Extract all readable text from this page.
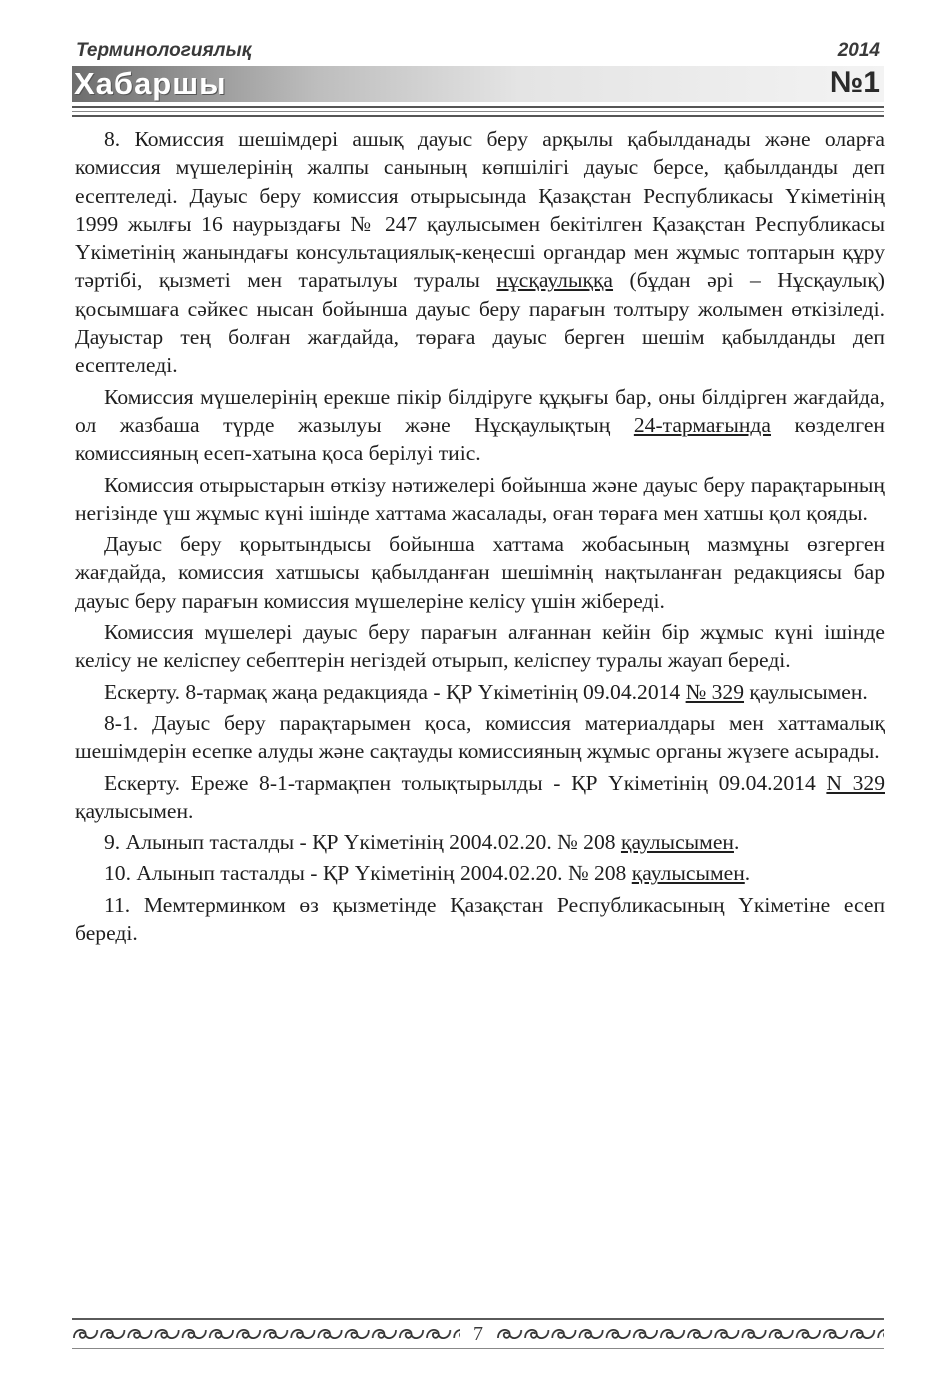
Терминологиялық
Хабаршы
2014
№1

8. Комиссия шешімдері ашық дауыс беру арқылы қабылданады және оларға комиссия мүшелерінің жалпы санының көпшілігі дауыс берсе, қабылданды деп есептеледі. Дауыс беру комиссия отырысында Қазақстан Республикасы Үкіметінің 1999 жылғы 16 наурыздағы № 247 қаулысымен бекітілген Қазақстан Республикасы Үкіметінің жанындағы консультациялық-кеңесші органдар мен жұмыс топтарын құру тәртібі, қызметі мен таратылуы туралы нұсқаулыққа (бұдан әрі – Нұсқаулық) қосымшаға сәйкес нысан бойынша дауыс беру парағын толтыру жолымен өткізіледі. Дауыстар тең болған жағдайда, төраға дауыс берген шешім қабылданды деп есептеледі.

Комиссия мүшелерінің ерекше пікір білдіруге құқығы бар, оны білдірген жағдайда, ол жазбаша түрде жазылуы және Нұсқаулықтың 24-тармағында көзделген комиссияның есеп-хатына қоса берілуі тиіс.

Комиссия отырыстарын өткізу нәтижелері бойынша және дауыс беру парақтарының негізінде үш жұмыс күні ішінде хаттама жасалады, оған төраға мен хатшы қол қояды.

Дауыс беру қорытындысы бойынша хаттама жобасының мазмұны өзгерген жағдайда, комиссия хатшысы қабылданған шешімнің нақтыланған редакциясы бар дауыс беру парағын комиссия мүшелеріне келісу үшін жібереді.

Комиссия мүшелері дауыс беру парағын алғаннан кейін бір жұмыс күні ішінде келісу не келіспеу себептерін негіздей отырып, келіспеу туралы жауап береді.

Ескерту. 8-тармақ жаңа редакцияда - ҚР Үкіметінің 09.04.2014 № 329 қаулысымен.

8-1. Дауыс беру парақтарымен қоса, комиссия материалдары мен хаттамалық шешімдерін есепке алуды және сақтауды комиссияның жұмыс органы жүзеге асырады.

Ескерту. Ереже 8-1-тармақпен толықтырылды - ҚР Үкіметінің 09.04.2014 N 329 қаулысымен.

9. Алынып тасталды - ҚР Үкіметінің 2004.02.20. № 208 қаулысымен.

10. Алынып тасталды - ҚР Үкіметінің 2004.02.20. № 208 қаулысымен.

11. Мемтерминком өз қызметінде Қазақстан Республикасының Үкіметіне есеп береді.

7
